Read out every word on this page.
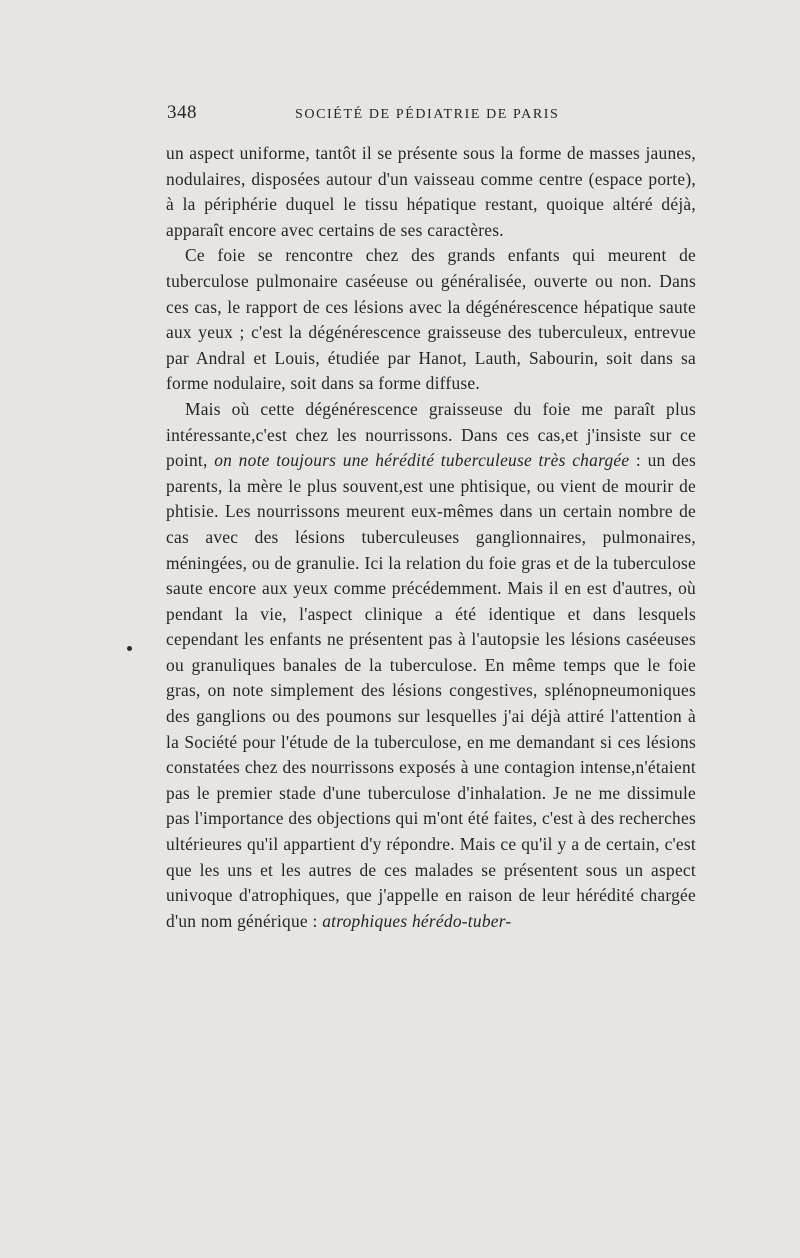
348	SOCIÉTÉ DE PÉDIATRIE DE PARIS

un aspect uniforme, tantôt il se présente sous la forme de masses jaunes, nodulaires, disposées autour d'un vaisseau comme centre (espace porte), à la périphérie duquel le tissu hépatique restant, quoique altéré déjà, apparaît encore avec certains de ses caractères.

Ce foie se rencontre chez des grands enfants qui meurent de tuberculose pulmonaire caséeuse ou généralisée, ouverte ou non. Dans ces cas, le rapport de ces lésions avec la dégénérescence hépatique saute aux yeux ; c'est la dégénérescence graisseuse des tuberculeux, entrevue par Andral et Louis, étudiée par Hanot, Lauth, Sabourin, soit dans sa forme nodulaire, soit dans sa forme diffuse.

Mais où cette dégénérescence graisseuse du foie me paraît plus intéressante,c'est chez les nourrissons. Dans ces cas,et j'insiste sur ce point, on note toujours une hérédité tuberculeuse très chargée : un des parents, la mère le plus souvent,est une phtisique, ou vient de mourir de phtisie. Les nourrissons meurent eux-mêmes dans un certain nombre de cas avec des lésions tuberculeuses ganglionnaires, pulmonaires, méningées, ou de granulie. Ici la relation du foie gras et de la tuberculose saute encore aux yeux comme précédemment. Mais il en est d'autres, où pendant la vie, l'aspect clinique a été identique et dans lesquels cependant les enfants ne présentent pas à l'autopsie les lésions caséeuses ou granuliques banales de la tuberculose. En même temps que le foie gras, on note simplement des lésions congestives, splénopneumoniques des ganglions ou des poumons sur lesquelles j'ai déjà attiré l'attention à la Société pour l'étude de la tuberculose, en me demandant si ces lésions constatées chez des nourrissons exposés à une contagion intense,n'étaient pas le premier stade d'une tuberculose d'inhalation. Je ne me dissimule pas l'importance des objections qui m'ont été faites, c'est à des recherches ultérieures qu'il appartient d'y répondre. Mais ce qu'il y a de certain, c'est que les uns et les autres de ces malades se présentent sous un aspect univoque d'atrophiques, que j'appelle en raison de leur hérédité chargée d'un nom générique : atrophiques hérédo-tuber-
